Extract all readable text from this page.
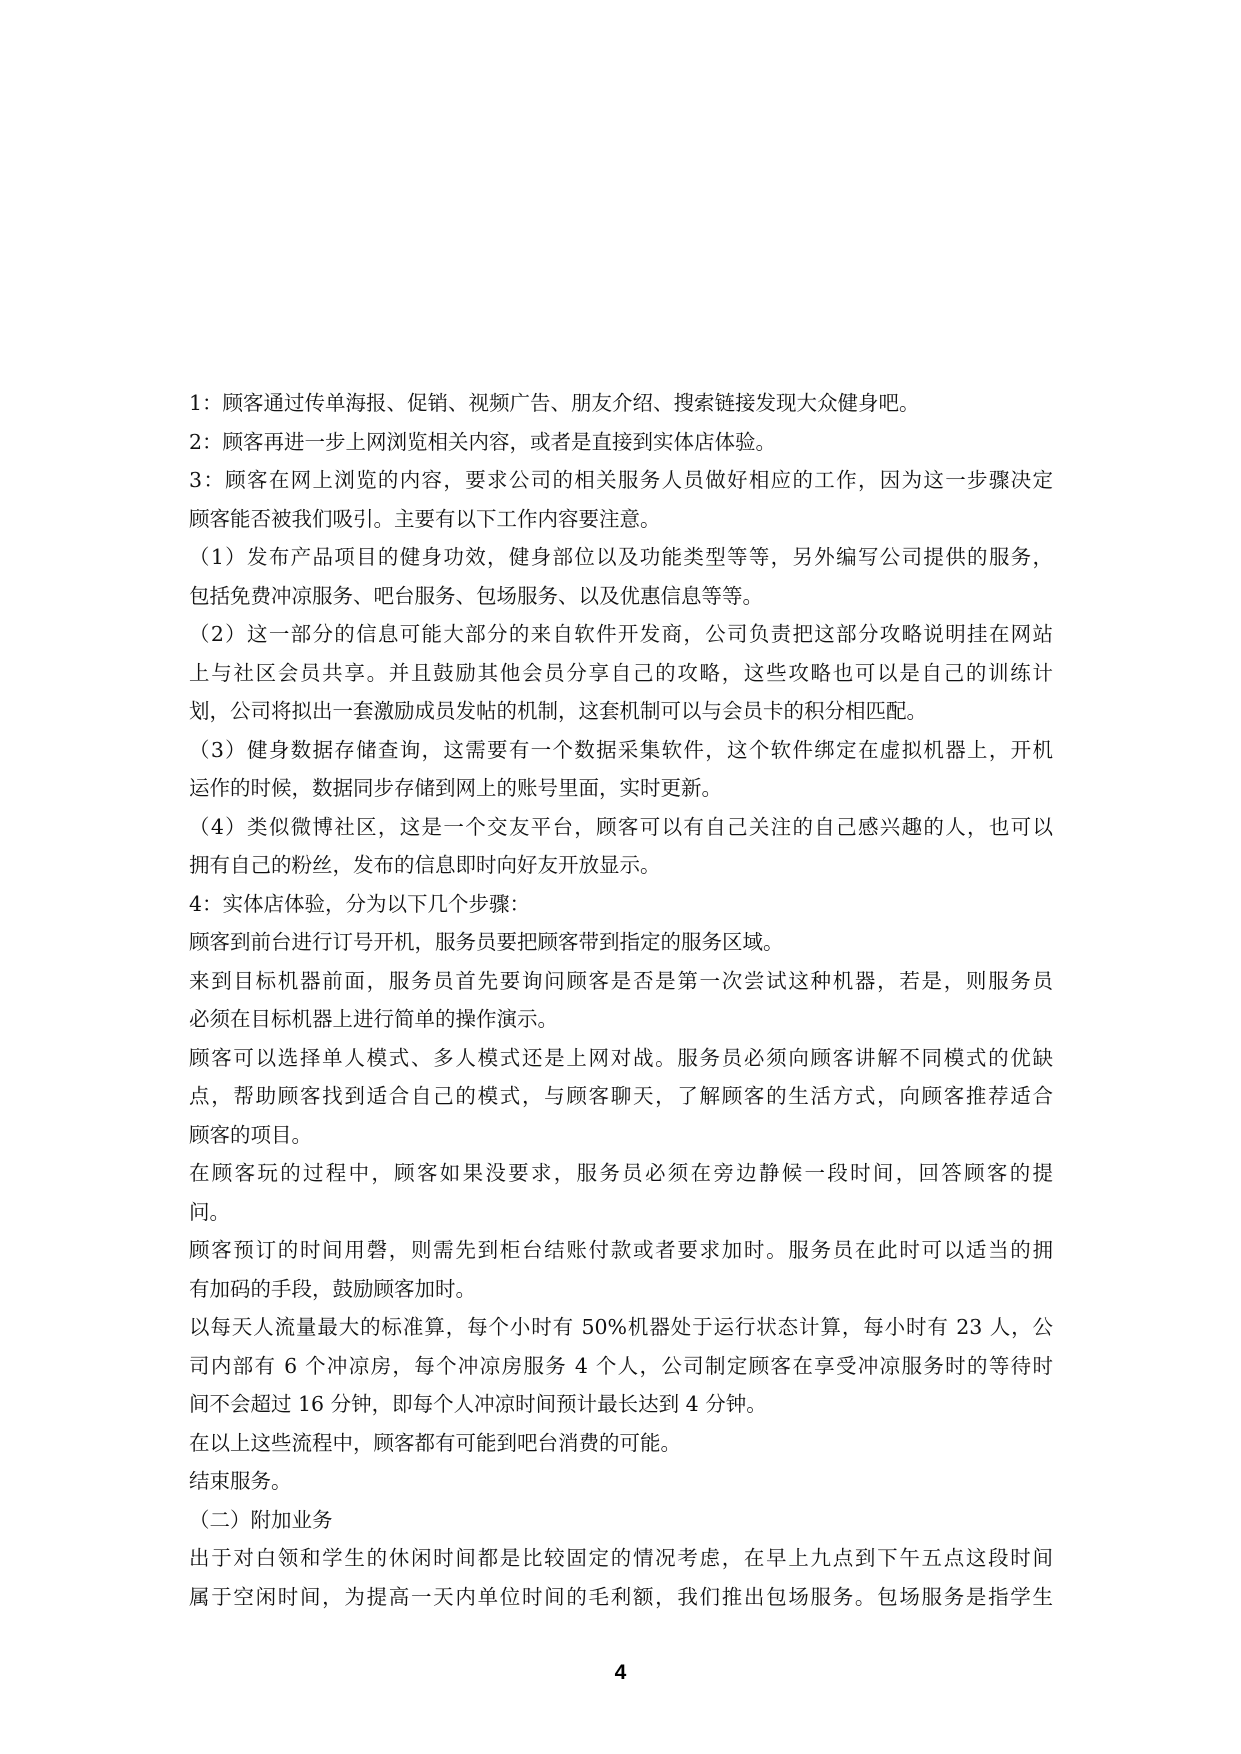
1：顾客通过传单海报、促销、视频广告、朋友介绍、搜索链接发现大众健身吧。
2：顾客再进一步上网浏览相关内容，或者是直接到实体店体验。
3：顾客在网上浏览的内容，要求公司的相关服务人员做好相应的工作，因为这一步骤决定
顾客能否被我们吸引。主要有以下工作内容要注意。
（1）发布产品项目的健身功效，健身部位以及功能类型等等，另外编写公司提供的服务，
包括免费冲凉服务、吧台服务、包场服务、以及优惠信息等等。
（2）这一部分的信息可能大部分的来自软件开发商，公司负责把这部分攻略说明挂在网站
上与社区会员共享。并且鼓励其他会员分享自己的攻略，这些攻略也可以是自己的训练计
划，公司将拟出一套激励成员发帖的机制，这套机制可以与会员卡的积分相匹配。
（3）健身数据存储查询，这需要有一个数据采集软件，这个软件绑定在虚拟机器上，开机
运作的时候，数据同步存储到网上的账号里面，实时更新。
（4）类似微博社区，这是一个交友平台，顾客可以有自己关注的自己感兴趣的人，也可以
拥有自己的粉丝，发布的信息即时向好友开放显示。
4：实体店体验，分为以下几个步骤：
顾客到前台进行订号开机，服务员要把顾客带到指定的服务区域。
来到目标机器前面，服务员首先要询问顾客是否是第一次尝试这种机器，若是，则服务员
必须在目标机器上进行简单的操作演示。
顾客可以选择单人模式、多人模式还是上网对战。服务员必须向顾客讲解不同模式的优缺
点，帮助顾客找到适合自己的模式，与顾客聊天，了解顾客的生活方式，向顾客推荐适合
顾客的项目。
在顾客玩的过程中，顾客如果没要求，服务员必须在旁边静候一段时间，回答顾客的提
问。
顾客预订的时间用磬，则需先到柜台结账付款或者要求加时。服务员在此时可以适当的拥
有加码的手段，鼓励顾客加时。
以每天人流量最大的标准算，每个小时有 50%机器处于运行状态计算，每小时有 23 人，公
司内部有 6 个冲凉房，每个冲凉房服务 4 个人，公司制定顾客在享受冲凉服务时的等待时
间不会超过 16 分钟，即每个人冲凉时间预计最长达到 4 分钟。
在以上这些流程中，顾客都有可能到吧台消费的可能。
结束服务。
（二）附加业务
出于对白领和学生的休闲时间都是比较固定的情况考虑，在早上九点到下午五点这段时间
属于空闲时间，为提高一天内单位时间的毛利额，我们推出包场服务。包场服务是指学生
4
